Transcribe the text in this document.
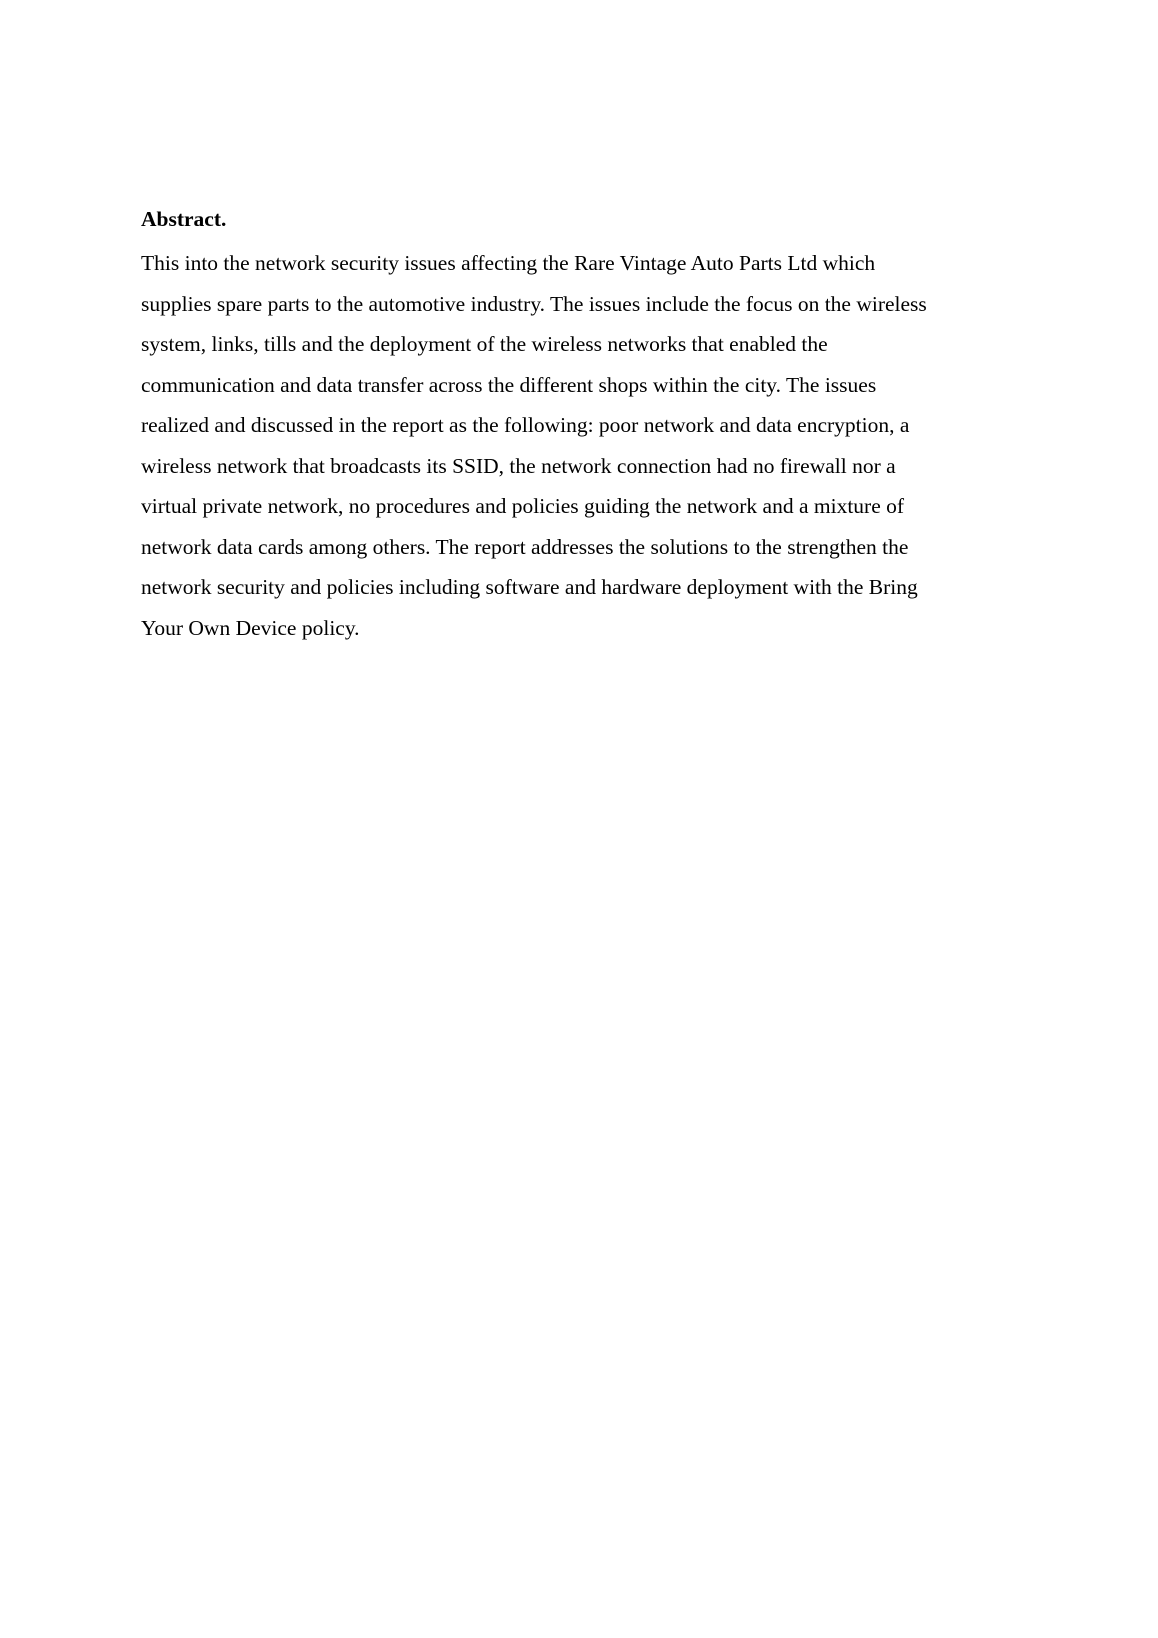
Abstract.
This into the network security issues affecting the Rare Vintage Auto Parts Ltd which
supplies spare parts to the automotive industry. The issues include the focus on the wireless
system, links, tills and the deployment of the wireless networks that enabled the
communication and data transfer across the different shops within the city. The issues
realized and discussed in the report as the following: poor network and data encryption, a
wireless network that broadcasts its SSID, the network connection had no firewall nor a
virtual private network, no procedures and policies guiding the network and a mixture of
network data cards among others. The report addresses the solutions to the strengthen the
network security and policies including software and hardware deployment with the Bring
Your Own Device policy.
